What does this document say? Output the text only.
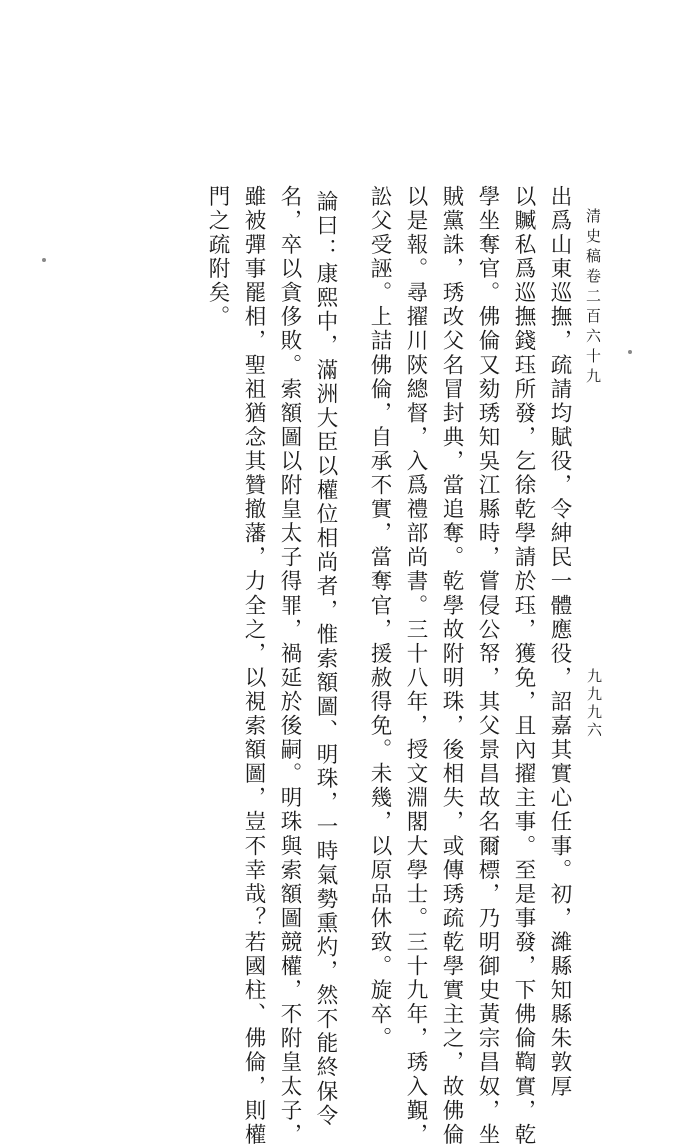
清史稿卷二百六十九
九九九六
出爲山東巡撫，疏請均賦役，令紳民一體應役，詔嘉其實心任事。初，濰縣知縣朱敦厚
以贓私爲巡撫錢珏所發，乞徐乾學請於珏，獲免，且內擢主事。至是事發，下佛倫鞫實，乾
學坐奪官。佛倫又劾琇知吳江縣時，嘗侵公帑，其父景昌故名爾標，乃明御史黃宗昌奴，坐
賊黨誅，琇改父名冒封典，當追奪。乾學故附明珠，後相失，或傳琇疏乾學實主之，故佛倫
以是報。尋擢川陝總督，入爲禮部尚書。三十八年，授文淵閣大學士。三十九年，琇入覲，
訟父受誣。上詰佛倫，自承不實，當奪官，援赦得免。未幾，以原品休致。旋卒。
論曰：康熙中，滿洲大臣以權位相尚者，惟索額圖、明珠，一時氣勢熏灼，然不能終保令
名，卒以貪侈敗。索額圖以附皇太子得罪，禍延於後嗣。明珠與索額圖競權，不附皇太子，
雖被彈事罷相，聖祖猶念其贊撤藩，力全之，以視索額圖，豈不幸哉？若國柱、佛倫，則權
門之疏附矣。
